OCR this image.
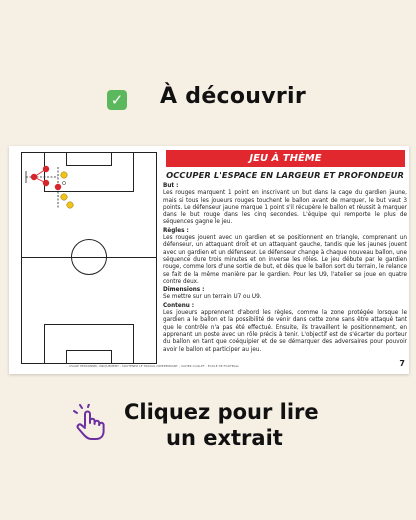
✓ À découvrir
JEU À THÈME
OCCUPER L'ESPACE EN LARGEUR ET PROFONDEUR
But :

Les rouges marquent 1 point en inscrivant un but dans la cage du gardien jaune, mais si tous les joueurs rouges touchent le ballon avant de marquer, le but vaut 3 points. Le défenseur jaune marque 1 point s'il récupère le ballon et réussit à marquer dans le but rouge dans les cinq secondes. L'équipe qui remporte le plus de séquences gagne le jeu.

Règles :

Les rouges jouent avec un gardien et se positionnent en triangle, comprenant un défenseur, un attaquant droit et un attaquant gauche, tandis que les jaunes jouent avec un gardien et un défenseur. Le défenseur change à chaque nouveau ballon, une séquence dure trois minutes et on inverse les rôles. Le jeu débute par le gardien rouge, comme lors d'une sortie de but, et dès que le ballon sort du terrain, le relance se fait de la même manière par le gardien. Pour les U9, l'atelier se joue en quatre contre deux.

Dimensions :

Se mettre sur un terrain U7 ou U9.

Contenu :

Les joueurs apprennent d'abord les règles, comme la zone protégée lorsque le gardien a le ballon et la possibilité de venir dans cette zone sans être attaqué tant que le contrôle n'a pas été effectué. Ensuite, ils travaillent le positionnement, en apprenant un poste avec un rôle précis à tenir. L'objectif est de s'écarter du porteur du ballon en tant que coéquipier et de se démarquer des adversaires pour pouvoir avoir le ballon et participer au jeu.

USAGE PERSONNEL UNIQUEMENT - SOUTENEZ LE TRAVAIL INDÉPENDANT - XAVIER CUILLET - ÉCOLE DE FOOTBALL	7
Cliquez pour lire
un extrait
